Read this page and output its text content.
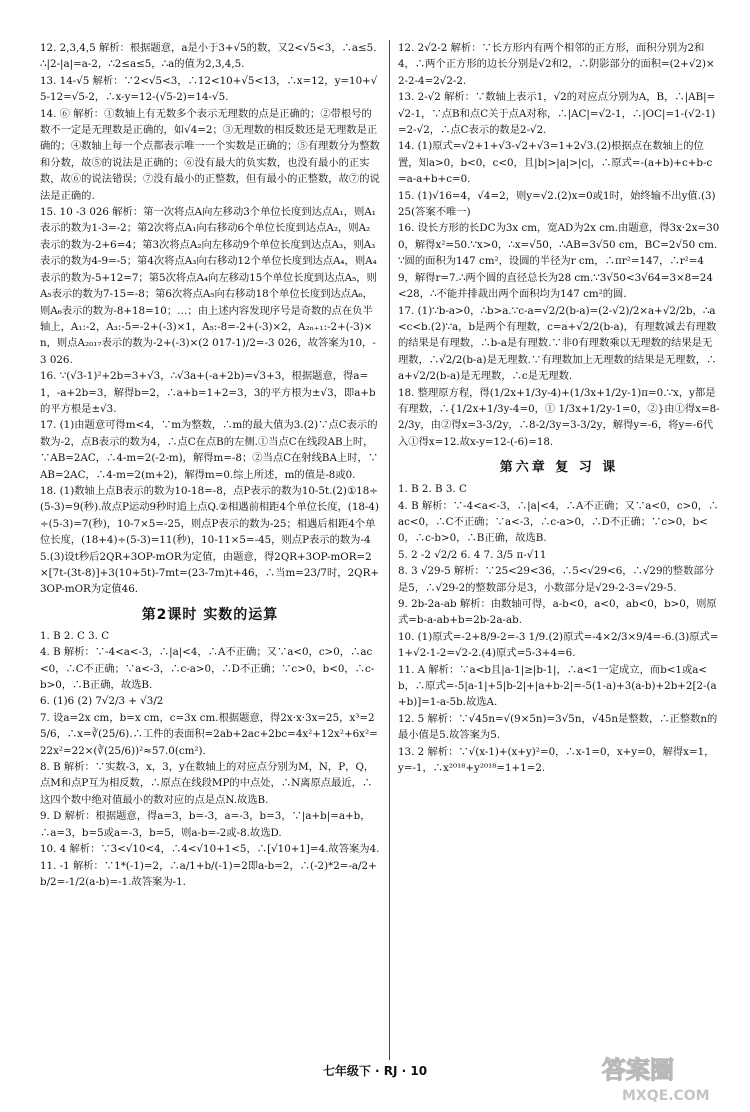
12. 2,3,4,5 解析：根据题意，a是小于3+√5的数，又2<√5<3，∴a≤5.∴|2-|a|=a-2，∴2≤a≤5，∴a的值为2,3,4,5.

13. 14-√5 解析：∵2<√5<3，∴12<10+√5<13，∴x=12，y=10+√5-12=√5-2，∴x-y=12-(√5-2)=14-√5.

14. ⑥ 解析：①数轴上有无数多个表示无理数的点是正确的；②带根号的数不一定是无理数是正确的，如√4=2；③无理数的相反数还是无理数是正确的；④数轴上每一个点都表示唯一一个实数是正确的；⑤有理数分为整数和分数，故⑤的说法是正确的；⑥没有最大的负实数，也没有最小的正实数，故⑥的说法错误；⑦没有最小的正整数，但有最小的正整数，故⑦的说法是正确的.

15. 10 -3 026 解析：第一次将点A向左移动3个单位长度到达点A₁，则A₁表示的数为1-3=-2；第2次将点A₁向右移动6个单位长度到达点A₂，则A₂表示的数为-2+6=4；第3次将点A₂向左移动9个单位长度到达点A₃，则A₃表示的数为4-9=-5；第4次将点A₃向右移动12个单位长度到达点A₄，则A₄表示的数为-5+12=7；第5次将点A₄向左移动15个单位长度到达点A₅，则A₅表示的数为7-15=-8；第6次将点A₅向右移动18个单位长度到达点A₆，则A₆表示的数为-8+18=10；…；由上述内容发现序号是奇数的点在负半轴上，A₁:-2，A₃:-5=-2+(-3)×1，A₅:-8=-2+(-3)×2，A₂ₙ₊₁:-2+(-3)×n，则点A₂₀₁₇表示的数为-2+(-3)×(2 017-1)/2=-3 026，故答案为10，-3 026.

16. ∵(√3-1)²+2b=3+√3，∴√3a+(-a+2b)=√3+3，根据题意，得a=1，-a+2b=3，解得b=2，∴a+b=1+2=3，3的平方根为±√3，即a+b的平方根是±√3.

17. (1)由题意可得m<4，∵m为整数，∴m的最大值为3.(2)∵点C表示的数为-2，点B表示的数为4，∴点C在点B的左侧.①当点C在线段AB上时，∵AB=2AC，∴4-m=2(-2-m)，解得m=-8；②当点C在射线BA上时，∵AB=2AC，∴4-m=2(m+2)，解得m=0.综上所述，m的值是-8或0.

18. (1)数轴上点B表示的数为10-18=-8，点P表示的数为10-5t.(2)①18÷(5-3)=9(秒).故点P运动9秒时追上点Q.②相遇前相距4个单位长度，(18-4)÷(5-3)=7(秒)，10-7×5=-25，则点P表示的数为-25；相遇后相距4个单位长度，(18+4)÷(5-3)=11(秒)，10-11×5=-45，则点P表示的数为-45.(3)设t秒后2QR+3OP-mOR为定值，由题意，得2QR+3OP-mOR=2×[7t-(3t-8)]+3(10+5t)-7mt=(23-7m)t+46，∴当m=23/7时，2QR+3OP-mOR为定值46.

第2课时 实数的运算

1. B 2. C 3. C

4. B 解析：∵-4<a<-3，∴|a|<4，∴A不正确；又∵a<0，c>0，∴ac<0，∴C不正确；∵a<-3，∴c-a>0，∴D不正确；∵c>0，b<0，∴c-b>0，∴B正确，故选B.

6. (1)6 (2) 7√2/3 + √3/2

7. 设a=2x cm，b=x cm，c=3x cm.根据题意，得2x·x·3x=25，x³=25/6，∴x=∛(25/6).∴工件的表面积=2ab+2ac+2bc=4x²+12x²+6x²=22x²=22×(∛(25/6))²≈57.0(cm²).

8. B 解析：∵实数-3，x，3，y在数轴上的对应点分别为M，N，P，Q，点M和点P互为相反数，∴原点在线段MP的中点处，∴N离原点最近，∴这四个数中绝对值最小的数对应的点是点N.故选B.

9. D 解析：根据题意，得a=3，b=-3，a=-3，b=3，∵|a+b|=a+b，∴a=3，b=5或a=-3，b=5，则a-b=-2或-8.故选D.

10. 4 解析：∵3<√10<4，∴4<√10+1<5，∴[√10+1]=4.故答案为4.

11. -1 解析：∵1*(-1)=2，∴a/1+b/(-1)=2即a-b=2，∴(-2)*2=-a/2+b/2=-1/2(a-b)=-1.故答案为-1.

12. 2√2-2 解析：∵长方形内有两个相邻的正方形，面积分别为2和4，∴两个正方形的边长分别是√2和2，∴阴影部分的面积=(2+√2)×2-2-4=2√2-2.

13. 2-√2 解析：∵数轴上表示1，√2的对应点分别为A，B，∴|AB|=√2-1，∵点B和点C关于点A对称，∴|AC|=√2-1，∴|OC|=1-(√2-1)=2-√2，∴点C表示的数是2-√2.

14. (1)原式=√2+1+√3-√2+√3=1+2√3.(2)根据点在数轴上的位置，知a>0，b<0，c<0，且|b|>|a|>|c|，∴原式=-(a+b)+c+b-c=a-a+b+c=0.

15. (1)√16=4，√4=2，则y=√2.(2)x=0或1时，始终输不出y值.(3)25(答案不唯一)

16. 设长方形的长DC为3x cm，宽AD为2x cm.由题意，得3x·2x=300，解得x²=50.∵x>0，∴x=√50，∴AB=3√50 cm，BC=2√50 cm.∵圆的面积为147 cm²，设圆的半径为r cm，∴πr²=147，∴r²=49，解得r=7.∴两个圆的直径总长为28 cm.∵3√50<3√64=3×8=24<28，∴不能并排裁出两个面积均为147 cm²的圆.

17. (1)∵b-a>0，∴b>a.∵c-a=√2/2(b-a)=(2-√2)/2×a+√2/2b，∴a<c<b.(2)∵a，b是两个有理数，c=a+√2/2(b-a)，有理数减去有理数的结果是有理数，∴b-a是有理数.∵非0有理数乘以无理数的结果是无理数，∴√2/2(b-a)是无理数.∵有理数加上无理数的结果是无理数，∴a+√2/2(b-a)是无理数，∴c是无理数.

18. 整理原方程，得(1/2x+1/3y-4)+(1/3x+1/2y-1)π=0.∵x，y都是有理数，∴{1/2x+1/3y-4=0，① 1/3x+1/2y-1=0，②}由①得x=8-2/3y，由②得x=3-3/2y，∴8-2/3y=3-3/2y，解得y=-6，将y=-6代入①得x=12.故x-y=12-(-6)=18.

第六章 复 习 课

1. B 2. B 3. C

4. B 解析：∵-4<a<-3，∴|a|<4，∴A不正确；又∵a<0，c>0，∴ac<0，∴C不正确；∵a<-3，∴c-a>0，∴D不正确；∵c>0，b<0，∴c-b>0，∴B正确，故选B.

5. 2 -2 √2/2 6. 4 7. 3/5 π-√11

8. 3 √29-5 解析：∵25<29<36，∴5<√29<6，∴√29的整数部分是5，∴√29-2的整数部分是3，小数部分是√29-2-3=√29-5.

9. 2b-2a-ab 解析：由数轴可得，a-b<0，a<0，ab<0，b>0，则原式=b-a-ab+b=2b-2a-ab.

10. (1)原式=-2+8/9-2=-3 1/9.(2)原式=-4×2/3×9/4=-6.(3)原式=1+√2-1-2=√2-2.(4)原式=5-3+4=6.

11. A 解析：∵a<b且|a-1|≥|b-1|，∴a<1一定成立，而b<1或a<b，∴原式=-5|a-1|+5|b-2|+|a+b-2|=-5(1-a)+3(a-b)+2b+2[2-(a+b)]=1-a-5b.故选A.

12. 5 解析：∵√45n=√(9×5n)=3√5n，√45n是整数，∴正整数n的最小值是5.故答案为5.

13. 2 解析：∵√(x-1)+(x+y)²=0，∴x-1=0，x+y=0，解得x=1，y=-1，∴x²⁰¹⁸+y²⁰¹⁸=1+1=2.

七年级下 · RJ · 10	答案圈
MXQE.COM
